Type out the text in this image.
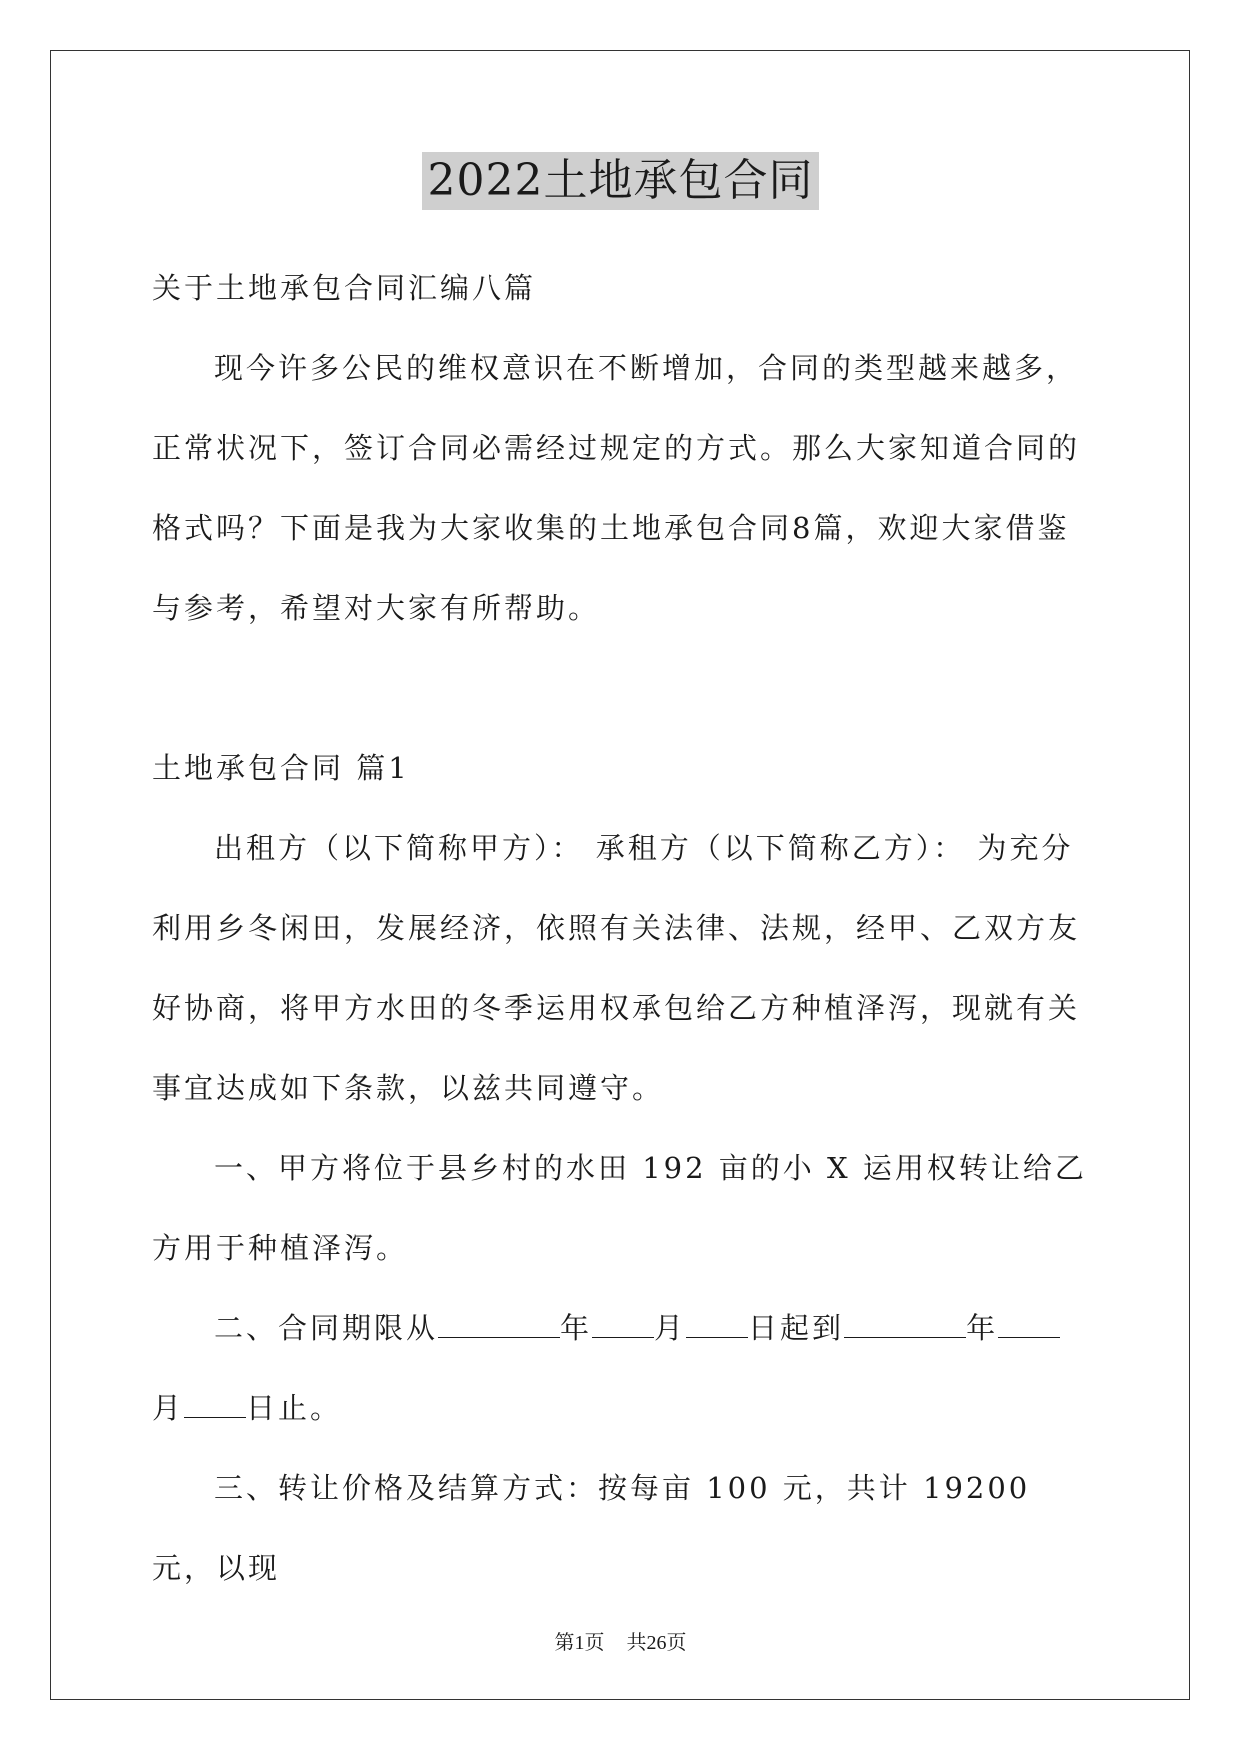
2022土地承包合同

关于土地承包合同汇编八篇

现今许多公民的维权意识在不断增加，合同的类型越来越多，正常状况下，签订合同必需经过规定的方式。那么大家知道合同的格式吗？下面是我为大家收集的土地承包合同8篇，欢迎大家借鉴与参考，希望对大家有所帮助。

土地承包合同 篇1

出租方（以下简称甲方）： 承租方（以下简称乙方）： 为充分利用乡冬闲田，发展经济，依照有关法律、法规，经甲、乙双方友好协商，将甲方水田的冬季运用权承包给乙方种植泽泻，现就有关事宜达成如下条款，以兹共同遵守。

一、甲方将位于县乡村的水田 192 亩的小 X 运用权转让给乙方用于种植泽泻。

二、合同期限从	年 月 日起到	年月 日止。

三、转让价格及结算方式：按每亩 100 元，共计 19200 元，以现

第1页 共26页
